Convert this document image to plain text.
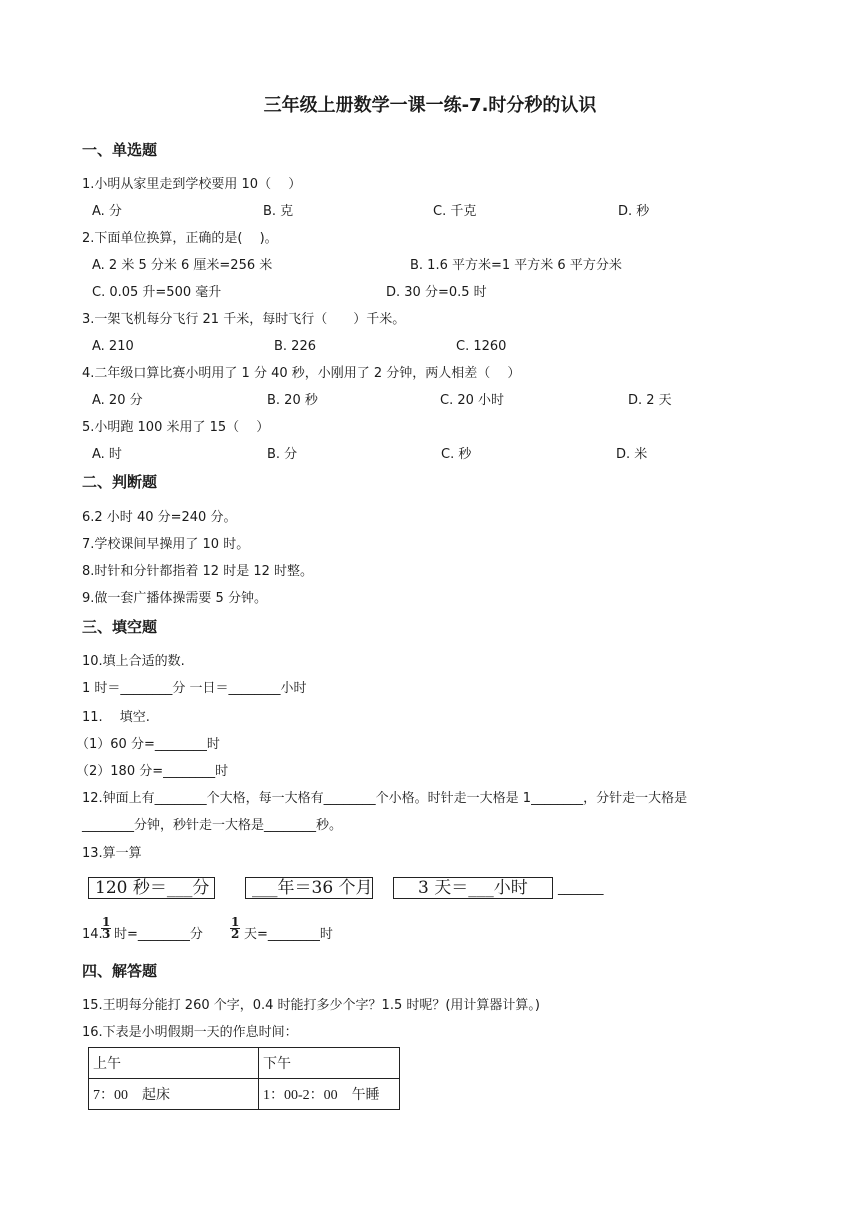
三年级上册数学一课一练-7.时分秒的认识
一、单选题
1.小明从家里走到学校要用 10（　 ）
A. 分	B. 克	C. 千克	D. 秒
2.下面单位换算，正确的是(　 )。
A. 2 米 5 分米 6 厘米=256 米	B. 1.6 平方米=1 平方米 6 平方分米
C. 0.05 升=500 毫升	D. 30 分=0.5 时
3.一架飞机每分飞行 21 千米，每时飞行（　　）千米。
A. 210	B. 226	C. 1260
4.二年级口算比赛小明用了 1 分 40 秒，小刚用了 2 分钟，两人相差（　 ）
A. 20 分	B. 20 秒	C. 20 小时	D. 2 天
5.小明跑 100 米用了 15（　 ）
A. 时	B. 分	C. 秒	D. 米
二、判断题
6.2 小时 40 分=240 分。
7.学校课间早操用了 10 时。
8.时针和分针都指着 12 时是 12 时整。
9.做一套广播体操需要 5 分钟。
三、填空题
10.填上合适的数.
1 时＝________分 一日＝________小时
11.　 填空.
（1）60 分=________时
（2）180 分=________时
12.钟面上有________个大格，每一大格有________个小格。时针走一大格是 1________，分针走一大格是
________分钟，秒针走一大格是________秒。
13.算一算
120 秒＝___分	___年＝36 个月	3 天＝___小时	_______
14.
$\frac{1}{3}$ 时=________分 $\frac{1}{2}$ 天=________时
四、解答题
15.王明每分能打 260 个字，0.4 时能打多少个字？1.5 时呢？(用计算器计算。)
16.下表是小明假期一天的作息时间：
上午	下午
7：00　起床	1：00-2：00　午睡
